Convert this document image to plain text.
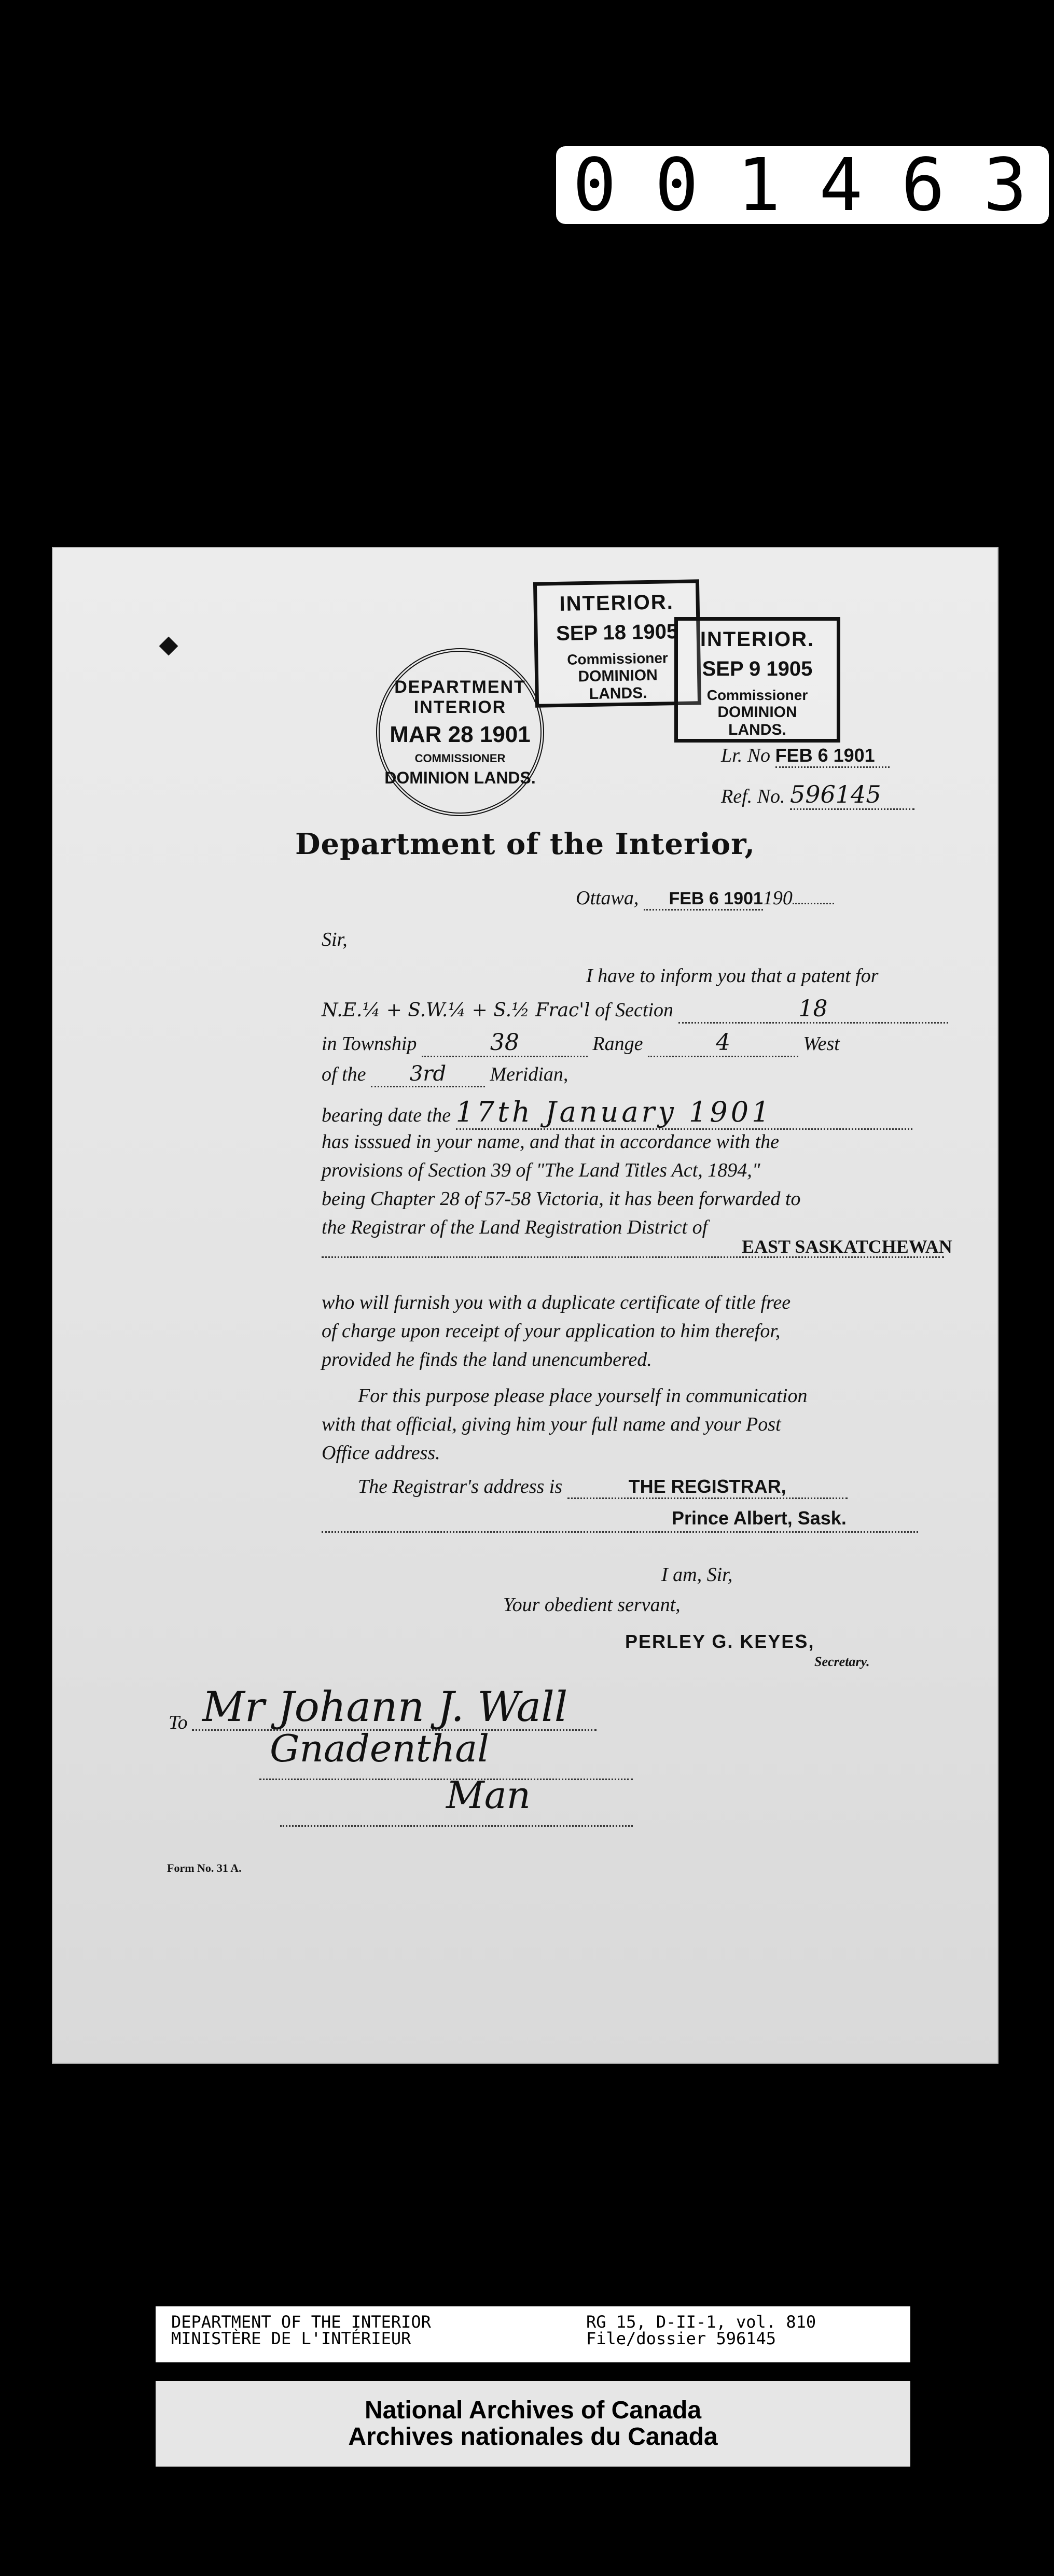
0 0 1 4 6 3
DEPARTMENT INTERIOR
MAR 28 1901
COMMISSIONER
DOMINION LANDS.
INTERIOR.
SEP 18 1905
Commissioner
DOMINION LANDS.
INTERIOR.
SEP 9 1905
Commissioner
DOMINION LANDS.
Lr. No FEB 6 1901
Ref. No. 596145
Department of the Interior,
Ottawa, FEB 6 1901190
Sir,
I have to inform you that a patent for
N.E.¼ + S.W.¼ + S.½ Frac'l of Section	18
in Township	38	Range	4	West
of the 3rd Meridian,
bearing date the 17th January 1901
has isssued in your name, and that in accordance with the
provisions of Section 39 of "The Land Titles Act, 1894,"
being Chapter 28 of 57-58 Victoria, it has been forwarded to
the Registrar of the Land Registration District of
EAST SASKATCHEWAN
who will furnish you with a duplicate certificate of title free
of charge upon receipt of your application to him therefor,
provided he finds the land unencumbered.
For this purpose please place yourself in communication
with that official, giving him your full name and your Post
Office address.
The Registrar's address is	THE REGISTRAR,
Prince Albert, Sask.
I am, Sir,
Your obedient servant,
PERLEY G. KEYES,
Secretary.
To Mr Johann J. Wall
Gnadenthal
Man
Form No. 31 A.
DEPARTMENT OF THE INTERIOR
MINISTÈRE DE L'INTÉRIEUR
RG 15, D-II-1, vol. 810
File/dossier 596145
National Archives of Canada
Archives nationales du Canada
